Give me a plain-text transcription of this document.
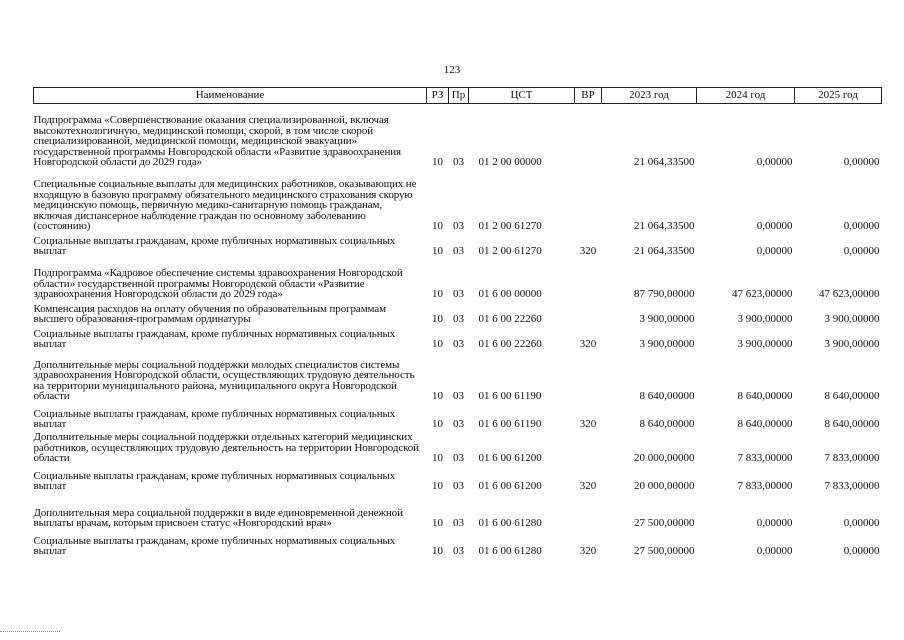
123
Наименование	РЗ	Пр	ЦСТ	ВР	2023 год	2024 год	2025 год
Подпрограмма «Совершенствование оказания специализированной, включая высокотехнологичную, медицинской помощи, скорой, в том числе скорой специализированной, медицинской помощи, медицинской эвакуации» государственной программы Новгородской области «Развитие здравоохранения Новгородской области до 2029 года»	10	03	01 2 00 00000		21 064,33500	0,00000	0,00000
Специальные социальные выплаты для медицинских работников, оказывающих не входящую в базовую программу обязательного медицинского страхования скорую медицинскую помощь, первичную медико-санитарную помощь гражданам, включая диспансерное наблюдение граждан по основному заболеванию (состоянию)	10	03	01 2 00 61270		21 064,33500	0,00000	0,00000
Социальные выплаты гражданам, кроме публичных нормативных социальных выплат	10	03	01 2 00 61270	320	21 064,33500	0,00000	0,00000
Подпрограмма «Кадровое обеспечение системы здравоохранения Новгородской области» государственной программы Новгородской области «Развитие здравоохранения Новгородской области до 2029 года»	10	03	01 6 00 00000		87 790,00000	47 623,00000	47 623,00000
Компенсация расходов на оплату обучения по образовательным программам высшего образования-программам ординатуры	10	03	01 6 00 22260		3 900,00000	3 900,00000	3 900,00000
Социальные выплаты гражданам, кроме публичных нормативных социальных выплат	10	03	01 6 00 22260	320	3 900,00000	3 900,00000	3 900,00000
Дополнительные меры социальной поддержки молодых специалистов системы здравоохранения Новгородской области, осуществляющих трудовую деятельность на территории муниципального района, муниципального округа Новгородской области	10	03	01 6 00 61190		8 640,00000	8 640,00000	8 640,00000
Социальные выплаты гражданам, кроме публичных нормативных социальных выплат	10	03	01 6 00 61190	320	8 640,00000	8 640,00000	8 640,00000
Дополнительные меры социальной поддержки отдельных категорий медицинских работников, осуществляющих трудовую деятельность на территории Новгородской области	10	03	01 6 00 61200		20 000,00000	7 833,00000	7 833,00000
Социальные выплаты гражданам, кроме публичных нормативных социальных выплат	10	03	01 6 00 61200	320	20 000,00000	7 833,00000	7 833,00000
Дополнительная мера социальной поддержки в виде единовременной денежной выплаты врачам, которым присвоен статус «Новгородский врач»	10	03	01 6 00 61280		27 500,00000	0,00000	0,00000
Социальные выплаты гражданам, кроме публичных нормативных социальных выплат	10	03	01 6 00 61280	320	27 500,00000	0,00000	0,00000
